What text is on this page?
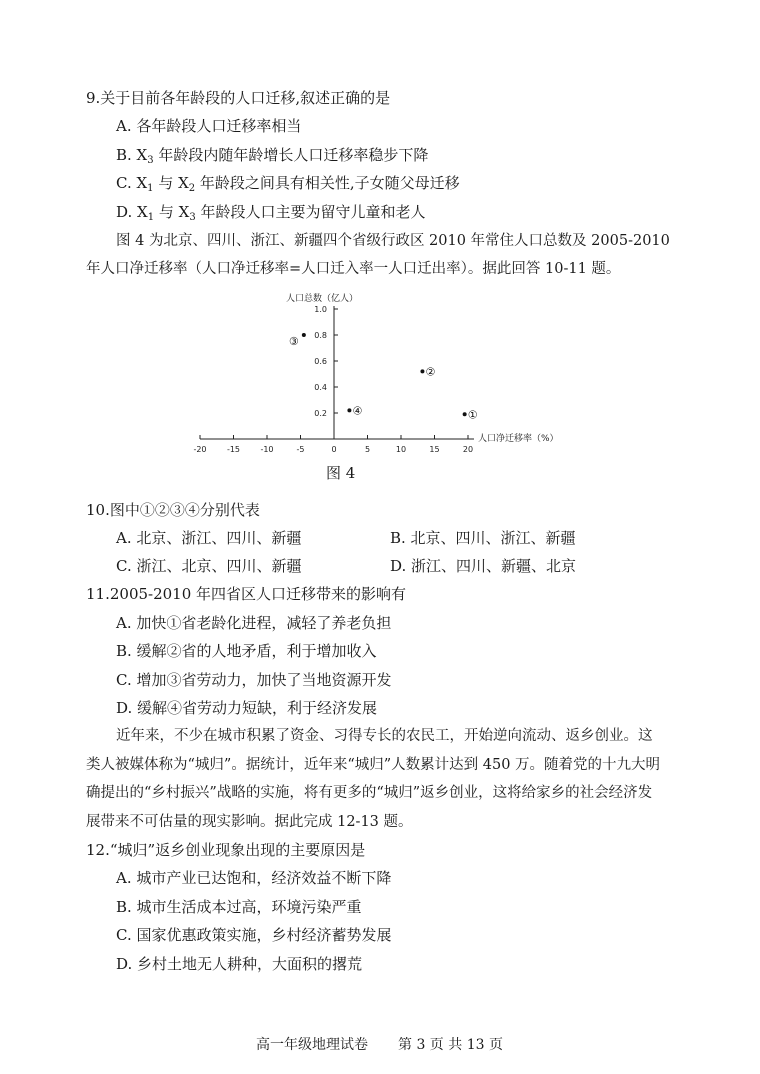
9.关于目前各年龄段的人口迁移,叙述正确的是
A. 各年龄段人口迁移率相当
B. $X_3$ 年龄段内随年龄增长人口迁移率稳步下降
C. $X_1$ 与 $X_2$ 年龄段之间具有相关性,子女随父母迁移
D. $X_1$ 与 $X_3$ 年龄段人口主要为留守儿童和老人
图 4 为北京、四川、浙江、新疆四个省级行政区 2010 年常住人口总数及 2005-2010
年人口净迁移率（人口净迁移率=人口迁入率一人口迁出率）。据此回答 10-11 题。
-20	-15	-10	-5	0	5	10	15	20
0.2
0.4
0.6
0.8
1.0
人口总数（亿人）
人口净迁移率（%）
①
②
③
④
图 4
10.图中①②③④分别代表
A. 北京、浙江、四川、新疆	B. 北京、四川、浙江、新疆
C. 浙江、北京、四川、新疆	D. 浙江、四川、新疆、北京
11.2005-2010 年四省区人口迁移带来的影响有
A. 加快①省老龄化进程，减轻了养老负担
B. 缓解②省的人地矛盾，利于增加收入
C. 增加③省劳动力，加快了当地资源开发
D. 缓解④省劳动力短缺，利于经济发展
近年来，不少在城市积累了资金、习得专长的农民工，开始逆向流动、返乡创业。这
类人被媒体称为“城归”。据统计，近年来“城归”人数累计达到 450 万。随着党的十九大明
确提出的“乡村振兴”战略的实施，将有更多的“城归”返乡创业，这将给家乡的社会经济发
展带来不可估量的现实影响。据此完成 12-13 题。
12.“城归”返乡创业现象出现的主要原因是
A. 城市产业已达饱和，经济效益不断下降
B. 城市生活成本过高，环境污染严重
C. 国家优惠政策实施，乡村经济蓄势发展
D. 乡村土地无人耕种，大面积的撂荒
高一年级地理试卷 第 3 页 共 13 页
